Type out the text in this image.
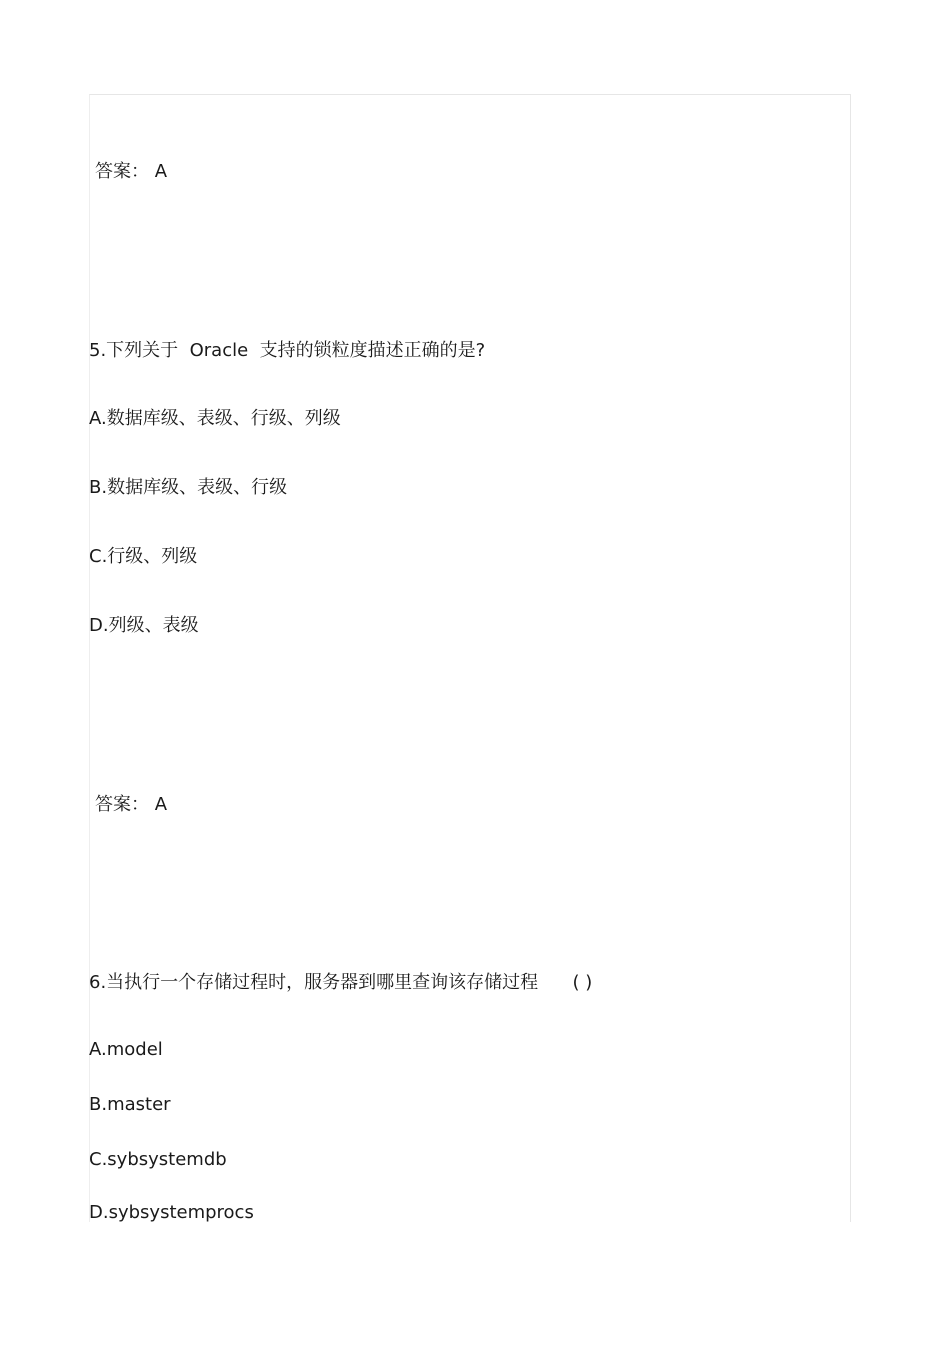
答案： A
5.下列关于  Oracle  支持的锁粒度描述正确的是?
A.数据库级、表级、行级、列级
B.数据库级、表级、行级
C.行级、列级
D.列级、表级
答案： A
6.当执行一个存储过程时，服务器到哪里查询该存储过程      ( )
A.model
B.master
C.sybsystemdb
D.sybsystemprocs
